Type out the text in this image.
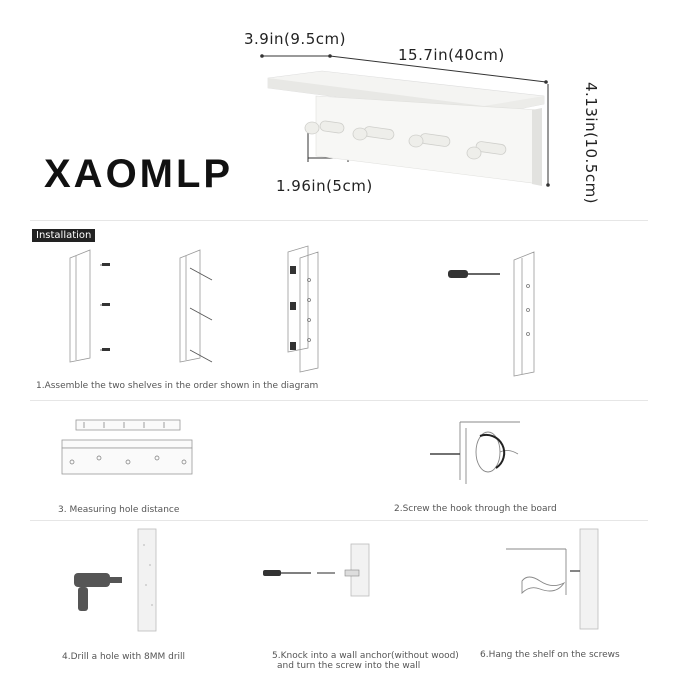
3.9in(9.5cm)
15.7in(40cm)
4.13in(10.5cm)
1.96in(5cm)
XAOMLP
Installation
1.Assemble the two shelves in the order shown in the diagram
3. Measuring hole distance	2.Screw the hook through the board
4.Drill a hole with 8MM drill	5.Knock into a wall anchor(without wood)
and turn the screw into the wall
6.Hang the shelf on the screws
